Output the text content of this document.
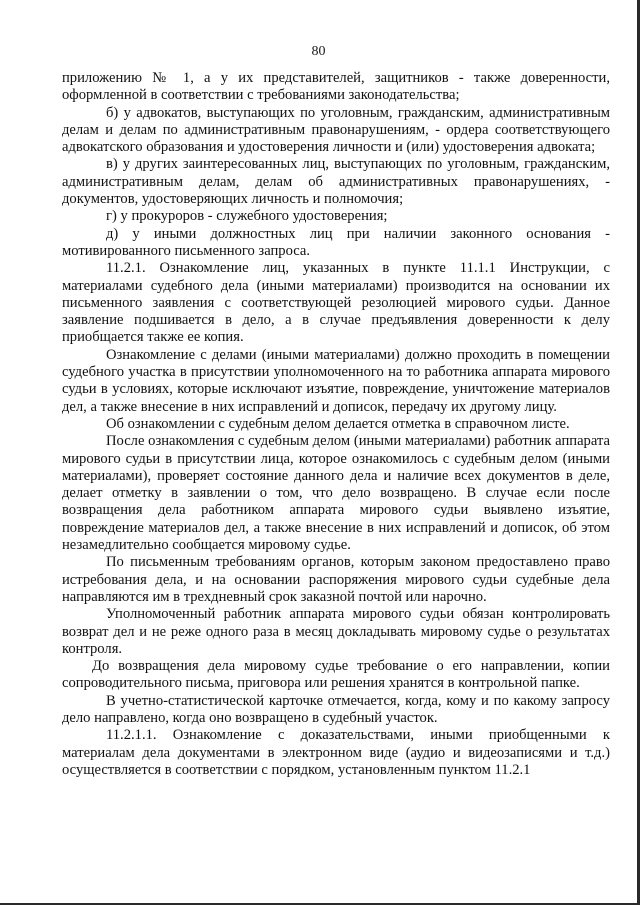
80

приложению № 1, а у их представителей, защитников - также доверенности, оформленной в соответствии с требованиями законодательства;

б) у адвокатов, выступающих по уголовным, гражданским, административным делам и делам по административным правонарушениям, - ордера соответствующего адвокатского образования и удостоверения личности и (или) удостоверения адвоката;

в) у других заинтересованных лиц, выступающих по уголовным, гражданским, административным делам, делам об административных правонарушениях, - документов, удостоверяющих личность и полномочия;

г) у прокуроров - служебного удостоверения;

д) у иными должностных лиц при наличии законного основания - мотивированного письменного запроса.

11.2.1. Ознакомление лиц, указанных в пункте 11.1.1 Инструкции, с материалами судебного дела (иными материалами) производится на основании их письменного заявления с соответствующей резолюцией мирового судьи. Данное заявление подшивается в дело, а в случае предъявления доверенности к делу приобщается также ее копия.

Ознакомление с делами (иными материалами) должно проходить в помещении судебного участка в присутствии уполномоченного на то работника аппарата мирового судьи в условиях, которые исключают изъятие, повреждение, уничтожение материалов дел, а также внесение в них исправлений и дописок, передачу их другому лицу.

Об ознакомлении с судебным делом делается отметка в справочном листе.

После ознакомления с судебным делом (иными материалами) работник аппарата мирового судьи в присутствии лица, которое ознакомилось с судебным делом (иными материалами), проверяет состояние данного дела и наличие всех документов в деле, делает отметку в заявлении о том, что дело возвращено. В случае если после возвращения дела работником аппарата мирового судьи выявлено изъятие, повреждение материалов дел, а также внесение в них исправлений и дописок, об этом незамедлительно сообщается мировому судье.

По письменным требованиям органов, которым законом предоставлено право истребования дела, и на основании распоряжения мирового судьи судебные дела направляются им в трехдневный срок заказной почтой или нарочно.

Уполномоченный работник аппарата мирового судьи обязан контролировать возврат дел и не реже одного раза в месяц докладывать мировому судье о результатах контроля.

До возвращения дела мировому судье требование о его направлении, копии сопроводительного письма, приговора или решения хранятся в контрольной папке.

В учетно-статистической карточке отмечается, когда, кому и по какому запросу дело направлено, когда оно возвращено в судебный участок.

11.2.1.1. Ознакомление с доказательствами, иными приобщенными к материалам дела документами в электронном виде (аудио и видеозаписями и т.д.) осуществляется в соответствии с порядком, установленным пунктом 11.2.1
